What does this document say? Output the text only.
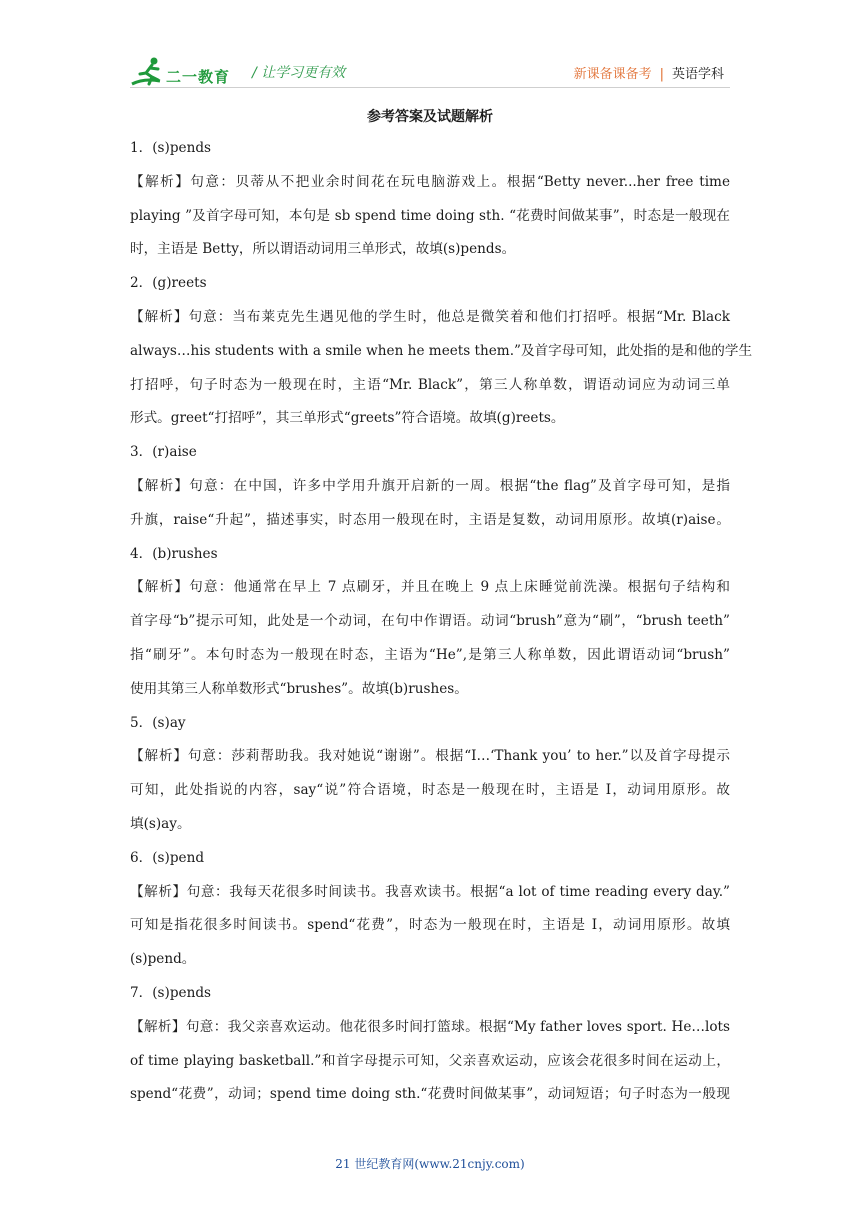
二一教育 / 让学习更有效	新课备课备考 | 英语学科
参考答案及试题解析
1．(s)pends
【解析】句意：贝蒂从不把业余时间花在玩电脑游戏上。根据“Betty never...her free time
playing ”及首字母可知，本句是 sb spend time doing sth. “花费时间做某事”，时态是一般现在
时，主语是 Betty，所以谓语动词用三单形式，故填(s)pends。
2．(g)reets
【解析】句意：当布莱克先生遇见他的学生时，他总是微笑着和他们打招呼。根据“Mr. Black
always…his students with a smile when he meets them.”及首字母可知，此处指的是和他的学生
打招呼，句子时态为一般现在时，主语“Mr. Black”，第三人称单数，谓语动词应为动词三单
形式。greet“打招呼”，其三单形式“greets”符合语境。故填(g)reets。
3．(r)aise
【解析】句意：在中国，许多中学用升旗开启新的一周。根据“the flag”及首字母可知，是指
升旗，raise“升起”，描述事实，时态用一般现在时，主语是复数，动词用原形。故填(r)aise。
4．(b)rushes
【解析】句意：他通常在早上 7 点刷牙，并且在晚上 9 点上床睡觉前洗澡。根据句子结构和
首字母“b”提示可知，此处是一个动词，在句中作谓语。动词“brush”意为“刷”，“brush teeth”
指“刷牙”。本句时态为一般现在时态，主语为“He”,是第三人称单数，因此谓语动词“brush”
使用其第三人称单数形式“brushes”。故填(b)rushes。
5．(s)ay
【解析】句意：莎莉帮助我。我对她说“谢谢”。根据“I…‘Thank you’ to her.”以及首字母提示
可知，此处指说的内容，say“说”符合语境，时态是一般现在时，主语是 I，动词用原形。故
填(s)ay。
6．(s)pend
【解析】句意：我每天花很多时间读书。我喜欢读书。根据“a lot of time reading every day.”
可知是指花很多时间读书。spend“花费”，时态为一般现在时，主语是 I，动词用原形。故填
(s)pend。
7．(s)pends
【解析】句意：我父亲喜欢运动。他花很多时间打篮球。根据“My father loves sport. He…lots
of time playing basketball.”和首字母提示可知，父亲喜欢运动，应该会花很多时间在运动上，
spend“花费”，动词；spend time doing sth.“花费时间做某事”，动词短语；句子时态为一般现
21 世纪教育网(www.21cnjy.com)
